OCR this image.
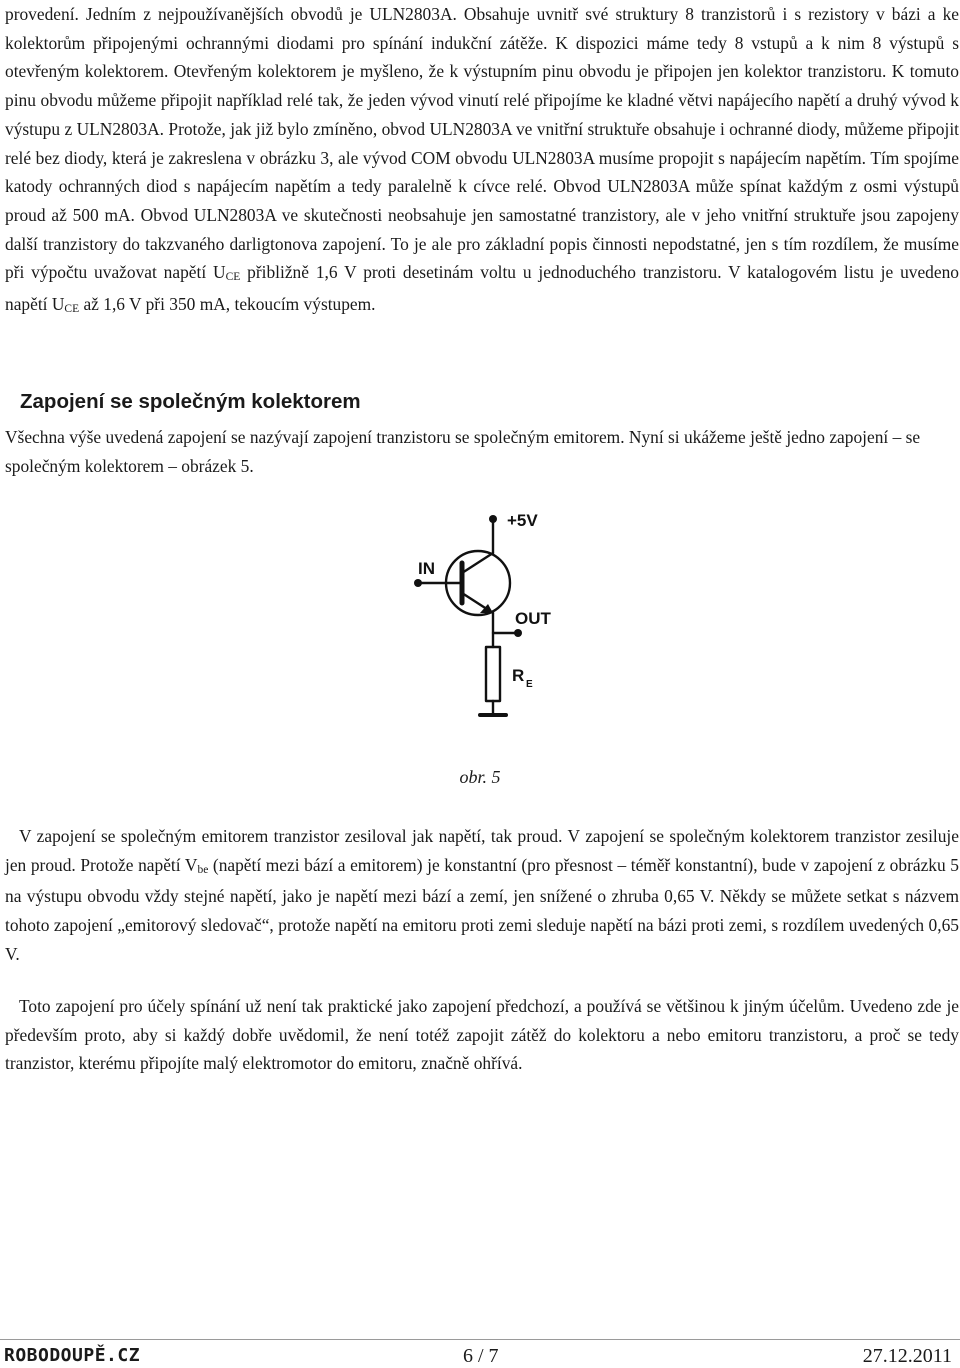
provedení. Jedním z nejpoužívanějších obvodů je ULN2803A. Obsahuje uvnitř své struktury 8 tranzistorů i s rezistory v bázi a ke kolektorům připojenými ochrannými diodami pro spínání indukční zátěže. K dispozici máme tedy 8 vstupů a k nim 8 výstupů s otevřeným kolektorem. Otevřeným kolektorem je myšleno, že k výstupním pinu obvodu je připojen jen kolektor tranzistoru. K tomuto pinu obvodu můžeme připojit například relé tak, že jeden vývod vinutí relé připojíme ke kladné větvi napájecího napětí a druhý vývod k výstupu z ULN2803A. Protože, jak již bylo zmíněno, obvod ULN2803A ve vnitřní struktuře obsahuje i ochranné diody, můžeme připojit relé bez diody, která je zakreslena v obrázku 3, ale vývod COM obvodu ULN2803A musíme propojit s napájecím napětím. Tím spojíme katody ochranných diod s napájecím napětím a tedy paralelně k cívce relé. Obvod ULN2803A může spínat každým z osmi výstupů proud až 500 mA. Obvod ULN2803A ve skutečnosti neobsahuje jen samostatné tranzistory, ale v jeho vnitřní struktuře jsou zapojeny další tranzistory do takzvaného darligtonova zapojení. To je ale pro základní popis činnosti nepodstatné, jen s tím rozdílem, že musíme při výpočtu uvažovat napětí UCE přibližně 1,6 V proti desetinám voltu u jednoduchého tranzistoru. V katalogovém listu je uvedeno napětí UCE až 1,6 V při 350 mA, tekoucím výstupem.

Zapojení se společným kolektorem

Všechna výše uvedená zapojení se nazývají zapojení tranzistoru se společným emitorem. Nyní si ukážeme ještě jedno zapojení – se společným kolektorem – obrázek 5.

+5V
IN
OUT
R E

obr. 5

V zapojení se společným emitorem tranzistor zesiloval jak napětí, tak proud. V zapojení se společným kolektorem tranzistor zesiluje jen proud. Protože napětí Vbe (napětí mezi bází a emitorem) je konstantní (pro přesnost – téměř konstantní), bude v zapojení z obrázku 5 na výstupu obvodu vždy stejné napětí, jako je napětí mezi bází a zemí, jen snížené o zhruba 0,65 V. Někdy se můžete setkat s názvem tohoto zapojení „emitorový sledovač“, protože napětí na emitoru proti zemi sleduje napětí na bázi proti zemi, s rozdílem uvedených 0,65 V.

Toto zapojení pro účely spínání už není tak praktické jako zapojení předchozí, a používá se většinou k jiným účelům. Uvedeno zde je především proto, aby si každý dobře uvědomil, že není totéž zapojit zátěž do kolektoru a nebo emitoru tranzistoru, a proč se tedy tranzistor, kterému připojíte malý elektromotor do emitoru, značně ohřívá.

ROBODOUPĚ.CZ	6 / 7	27.12.2011
